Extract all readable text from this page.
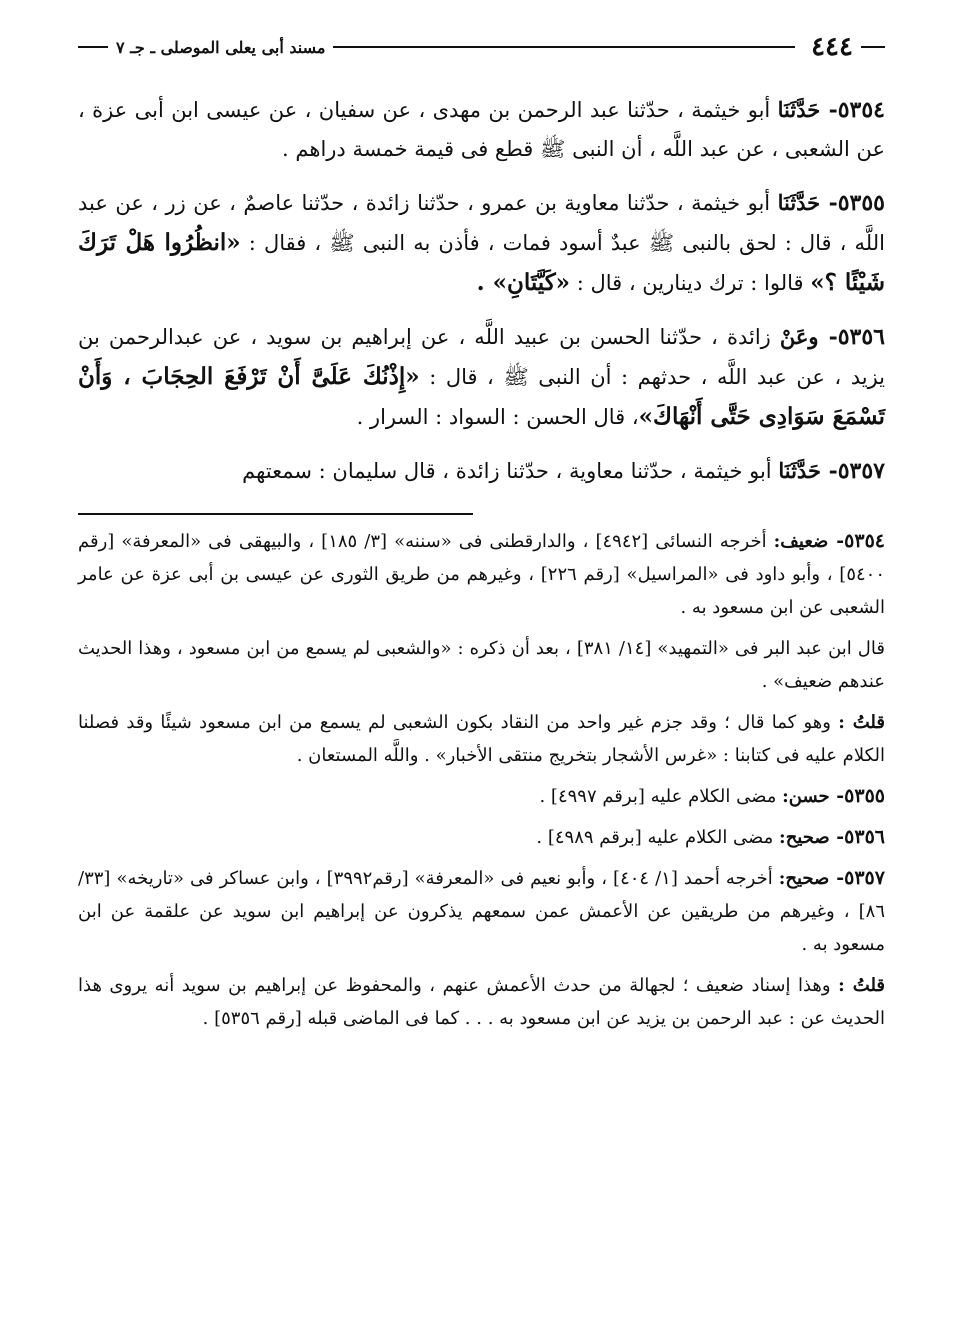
٤٤٤
مسند أبى يعلى الموصلى ـ جـ ٧

٥٣٥٤- حَدَّثَنَا أبو خيثمة ، حدّثنا عبد الرحمن بن مهدى ، عن سفيان ، عن عيسى ابن أبى عزة ، عن الشعبى ، عن عبد اللَّه ، أن النبى ﷺ قطع فى قيمة خمسة دراهم .

٥٣٥٥- حَدَّثَنَا أبو خيثمة ، حدّثنا معاوية بن عمرو ، حدّثنا زائدة ، حدّثنا عاصمٌ ، عن زر ، عن عبد اللَّه ، قال : لحق بالنبى ﷺ عبدٌ أسود فمات ، فأذن به النبى ﷺ ، فقال : «انظُرُوا هَلْ تَرَكَ شَيْئًا ؟» قالوا : ترك دينارين ، قال : «كَيَّتَانِ» .

٥٣٥٦- وعَنْ زائدة ، حدّثنا الحسن بن عبيد اللَّه ، عن إبراهيم بن سويد ، عن عبدالرحمن بن يزيد ، عن عبد اللَّه ، حدثهم : أن النبى ﷺ ، قال : «إِذْنُكَ عَلَىَّ أَنْ تَرْفَعَ الحِجَابَ ، وَأَنْ تَسْمَعَ سَوَادِى حَتَّى أَنْهَاكَ»، قال الحسن : السواد : السرار .

٥٣٥٧- حَدَّثَنَا أبو خيثمة ، حدّثنا معاوية ، حدّثنا زائدة ، قال سليمان : سمعتهم

٥٣٥٤- ضعيف: أخرجه النسائى [٤٩٤٢] ، والدارقطنى فى «سننه» [٣/ ١٨٥] ، والبيهقى فى «المعرفة» [رقم ٥٤٠٠] ، وأبو داود فى «المراسيل» [رقم ٢٢٦] ، وغيرهم من طريق الثورى عن عيسى بن أبى عزة عن عامر الشعبى عن ابن مسعود به .

قال ابن عبد البر فى «التمهيد» [١٤/ ٣٨١] ، بعد أن ذكره : «والشعبى لم يسمع من ابن مسعود ، وهذا الحديث عندهم ضعيف» .

قلتُ : وهو كما قال ؛ وقد جزم غير واحد من النقاد بكون الشعبى لم يسمع من ابن مسعود شيئًا وقد فصلنا الكلام عليه فى كتابنا : «غرس الأشجار بتخريج منتقى الأخبار» . واللَّه المستعان .

٥٣٥٥- حسن: مضى الكلام عليه [برقم ٤٩٩٧] .

٥٣٥٦- صحيح: مضى الكلام عليه [برقم ٤٩٨٩] .

٥٣٥٧- صحيح: أخرجه أحمد [١/ ٤٠٤] ، وأبو نعيم فى «المعرفة» [رقم٣٩٩٢] ، وابن عساكر فى «تاريخه» [٣٣/ ٨٦] ، وغيرهم من طريقين عن الأعمش عمن سمعهم يذكرون عن إبراهيم ابن سويد عن علقمة عن ابن مسعود به .

قلتُ : وهذا إسناد ضعيف ؛ لجهالة من حدث الأعمش عنهم ، والمحفوظ عن إبراهيم بن سويد أنه يروى هذا الحديث عن : عبد الرحمن بن يزيد عن ابن مسعود به . . . كما فى الماضى قبله [رقم ٥٣٥٦] .
